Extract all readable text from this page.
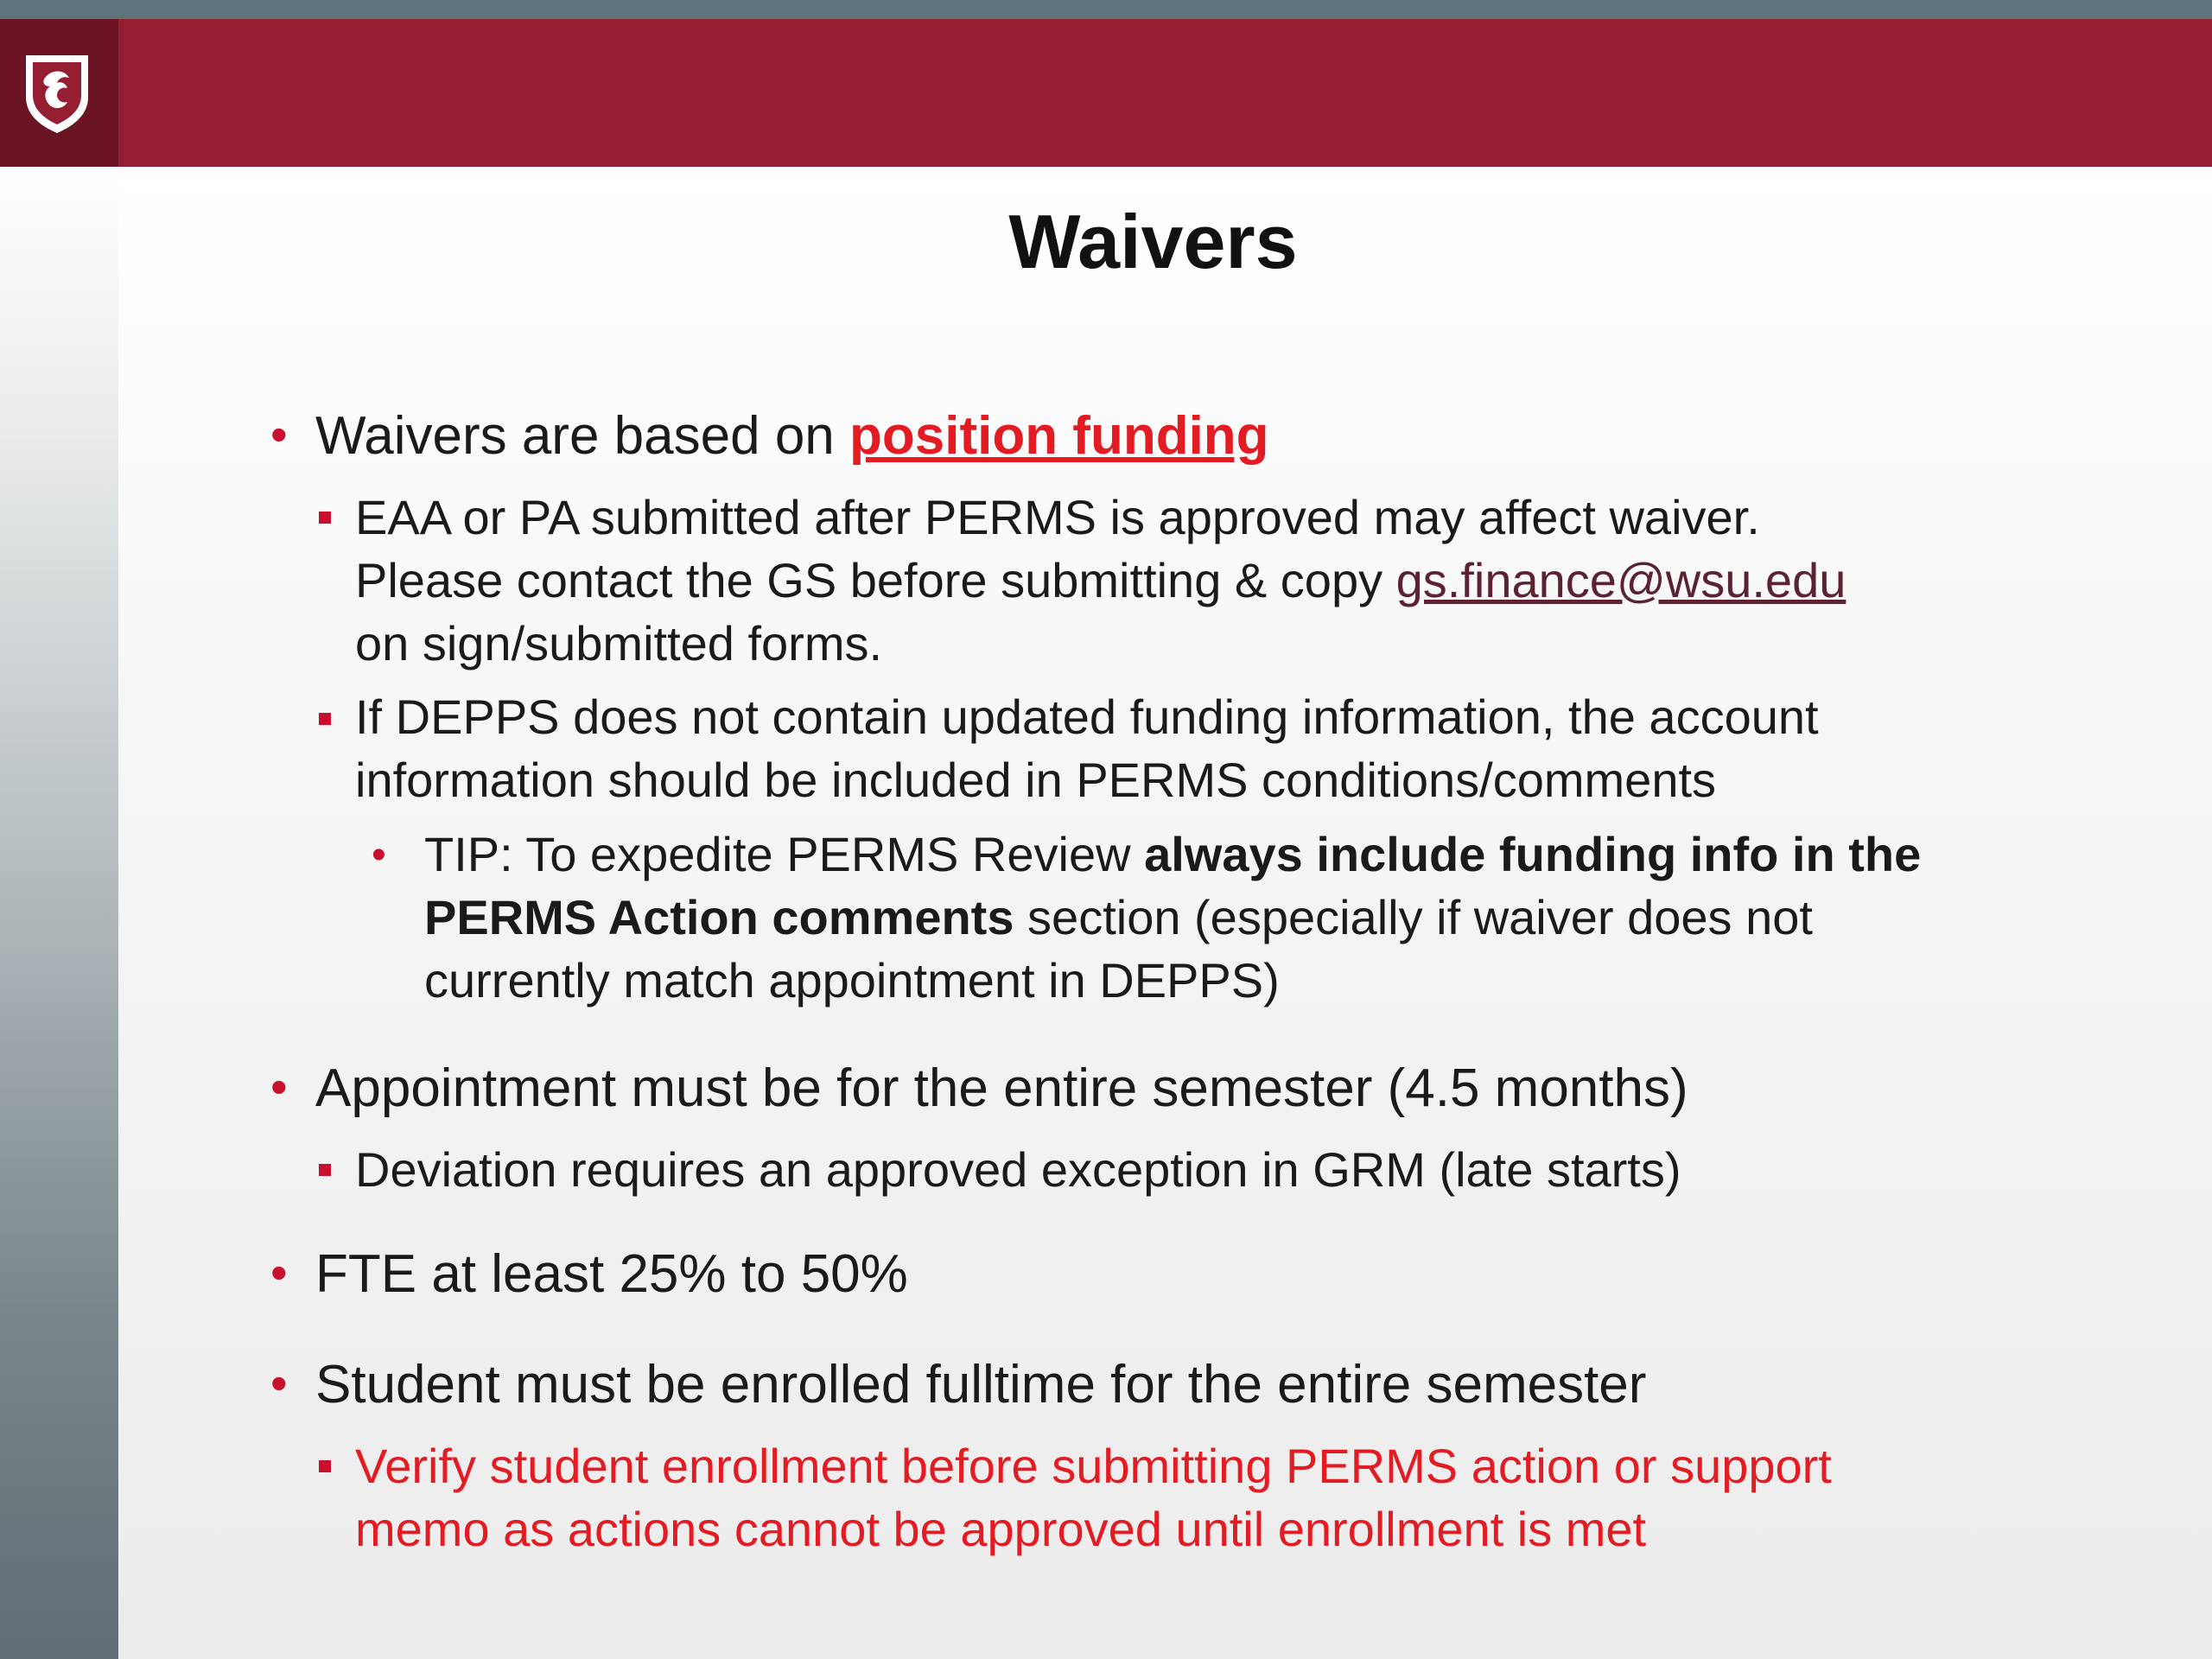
Waivers
• Waivers are based on position funding
EAA or PA submitted after PERMS is approved may affect waiver.
Please contact the GS before submitting & copy gs.finance@wsu.edu
on sign/submitted forms.
If DEPPS does not contain updated funding information, the account
information should be included in PERMS conditions/comments
• TIP: To expedite PERMS Review always include funding info in the
PERMS Action comments section (especially if waiver does not
currently match appointment in DEPPS)
• Appointment must be for the entire semester (4.5 months)
Deviation requires an approved exception in GRM (late starts)
• FTE at least 25% to 50%
• Student must be enrolled fulltime for the entire semester
Verify student enrollment before submitting PERMS action or support
memo as actions cannot be approved until enrollment is met
